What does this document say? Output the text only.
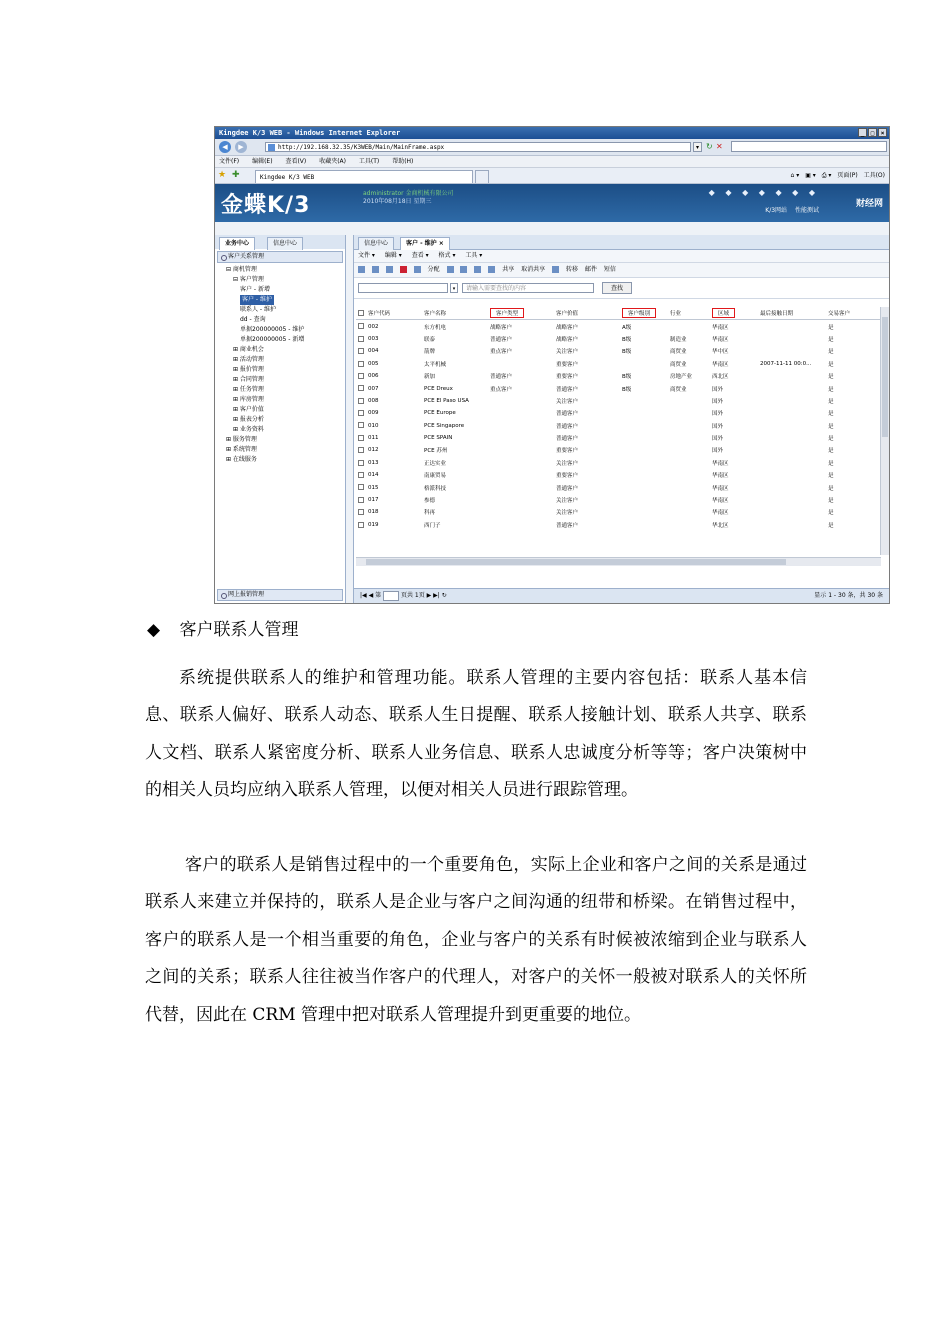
Kingdee K/3 WEB - Windows Internet Explorer	_	□	×
◀	▶	http://192.168.32.35/K3WEB/Main/MainFrame.aspx	▾ ↻ ✕
文件(F) 编辑(E) 查看(V) 收藏夹(A) 工具(T) 帮助(H)
★ ✚	Kingdee K/3 WEB	⌂ ▾ ▣ ▾ ⎙ ▾ 页面(P) 工具(O)
金蝶K/3	administrator 金商机械有限公司
2010年08月18日 星期三
◆ ◆ ◆ ◆ ◆ ◆ ◆
K/3网站 性能测试
财经网
业务中心	信息中心
客户关系管理
⊟ 商机管理
⊟ 客户管理
客户 - 新增
客户 - 维护
联系人 - 维护
dd - 查询
单据200000005 - 维护
单据200000005 - 新增
⊞ 商业机会
⊞ 活动管理
⊞ 报价管理
⊞ 合同管理
⊞ 任务管理
⊞ 库房管理
⊞ 客户价值
⊞ 报表分析
⊞ 业务资料
⊞ 服务管理
⊞ 系统管理
⊞ 在线服务
网上报销管理
信息中心	客户 - 维护 ×
文件 ▾ 编辑 ▾ 查看 ▾ 格式 ▾ 工具 ▾
分配	共享 取消共享	转移 邮件 短信
▾	请输入需要查找的内容	查找
	客户代码	客户名称	客户类型	客户价值	客户级别	行业	区域	最后接触日期	交易客户
	002	东方机电	战略客户	战略客户	A级		华南区		是
	003	联泰	普通客户	战略客户	B级	制造业	华南区		是
	004	箭牌	重点客户	关注客户	B级	商贸业	华中区		是
	005	太平机械		重要客户		商贸业	华南区	2007-11-11 00:0...	是
	006	新加	普通客户	重要客户	B级	房地产业	西北区		是
	007	PCE Dreux	重点客户	普通客户	B级	商贸业	国外		是
	008	PCE El Paso USA		关注客户			国外		是
	009	PCE Europe		普通客户			国外		是
	010	PCE Singapore		普通客户			国外		是
	011	PCE SPAIN		普通客户			国外		是
	012	PCE 苏州		重要客户			国外		是
	013	正达实业		关注客户			华南区		是
	014	南康贸易		重要客户			华南区		是
	015	格派科技		普通客户			华南区		是
	017	参德		关注客户			华南区		是
	018	科再		关注客户			华南区		是
	019	西门子		普通客户			华北区		是
|◀ ◀ 第	页共 1页 ▶ ▶| ↻	显示 1 - 30 条，共 30 条
◆ 客户联系人管理
系统提供联系人的维护和管理功能。联系人管理的主要内容包括：联系人基本信息、联系人偏好、联系人动态、联系人生日提醒、联系人接触计划、联系人共享、联系人文档、联系人紧密度分析、联系人业务信息、联系人忠诚度分析等等；客户决策树中的相关人员均应纳入联系人管理，以便对相关人员进行跟踪管理。
客户的联系人是销售过程中的一个重要角色，实际上企业和客户之间的关系是通过联系人来建立并保持的，联系人是企业与客户之间沟通的纽带和桥梁。在销售过程中，客户的联系人是一个相当重要的角色，企业与客户的关系有时候被浓缩到企业与联系人之间的关系；联系人往往被当作客户的代理人，对客户的关怀一般被对联系人的关怀所代替，因此在 CRM 管理中把对联系人管理提升到更重要的地位。
